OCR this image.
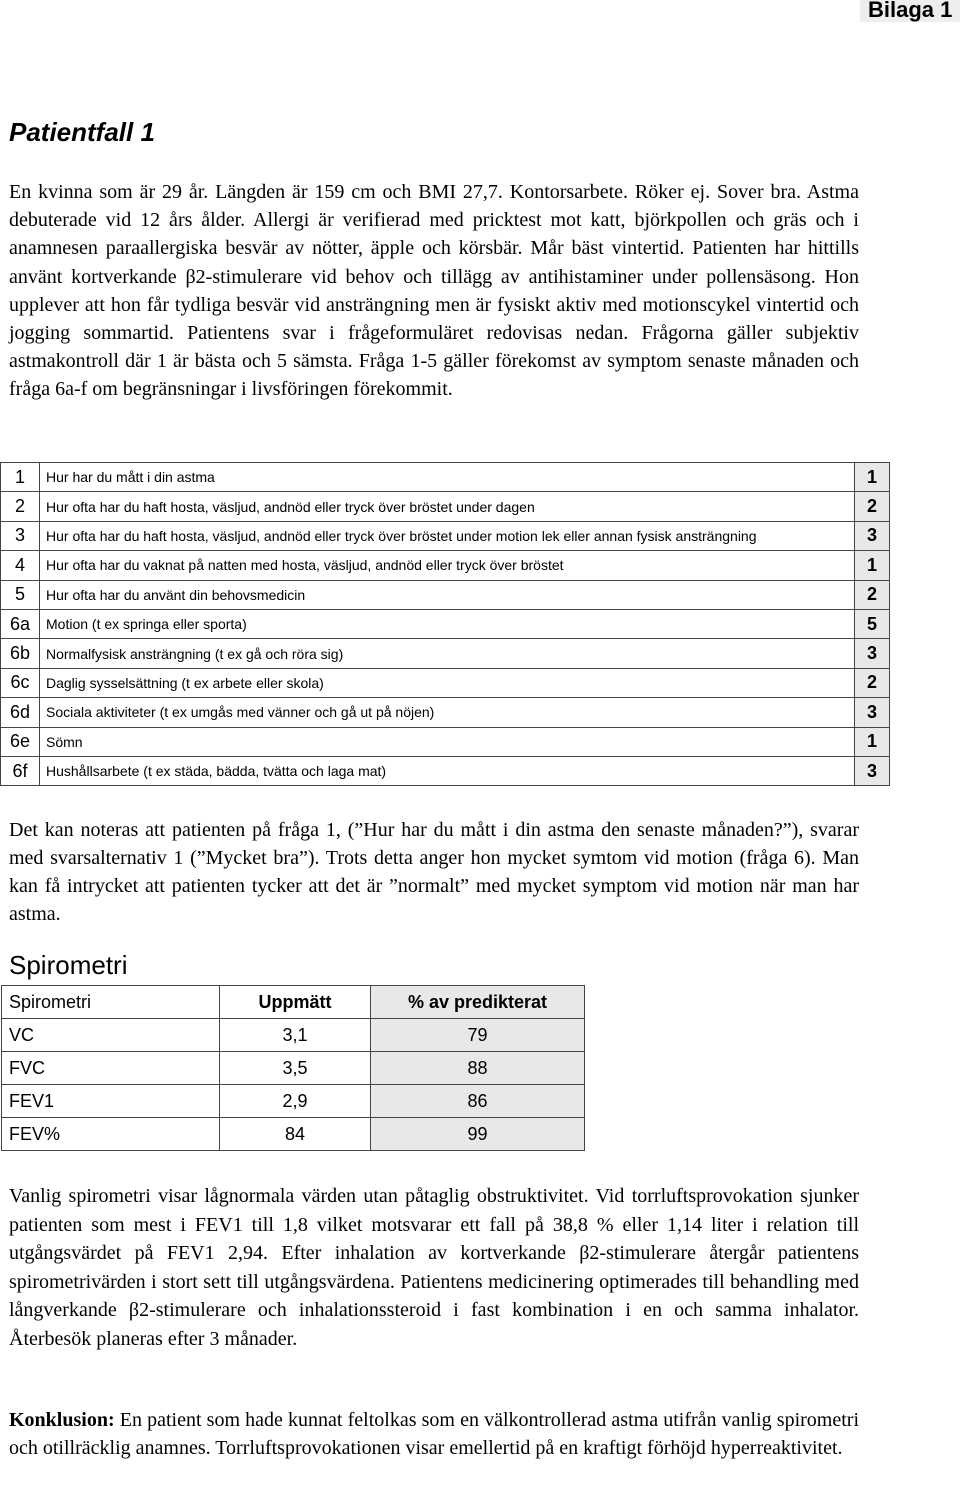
Bilaga 1
Patientfall 1

En kvinna som är 29 år. Längden är 159 cm och BMI 27,7. Kontorsarbete. Röker ej. Sover bra. Astma debuterade vid 12 års ålder. Allergi är verifierad med pricktest mot katt, björkpollen och gräs och i anamnesen paraallergiska besvär av nötter, äpple och körsbär. Mår bäst vintertid. Patienten har hittills använt kortverkande β2-stimulerare vid behov och tillägg av antihistaminer under pollensäsong. Hon upplever att hon får tydliga besvär vid ansträngning men är fysiskt aktiv med motionscykel vintertid och jogging sommartid. Patientens svar i frågeformuläret redovisas nedan. Frågorna gäller subjektiv astmakontroll där 1 är bästa och 5 sämsta. Fråga 1-5 gäller förekomst av symptom senaste månaden och fråga 6a-f om begränsningar i livsföringen förekommit.

1	Hur har du mått i din astma	1
2	Hur ofta har du haft hosta, väsljud, andnöd eller tryck över bröstet under dagen	2
3	Hur ofta har du haft hosta, väsljud, andnöd eller tryck över bröstet under motion lek eller annan fysisk ansträngning	3
4	Hur ofta har du vaknat på natten med hosta, väsljud, andnöd eller tryck över bröstet	1
5	Hur ofta har du använt din behovsmedicin	2
6a	Motion (t ex springa eller sporta)	5
6b	Normalfysisk ansträngning (t ex gå och röra sig)	3
6c	Daglig sysselsättning (t ex arbete eller skola)	2
6d	Sociala aktiviteter (t ex umgås med vänner och gå ut på nöjen)	3
6e	Sömn	1
6f	Hushållsarbete (t ex städa, bädda, tvätta och laga mat)	3

Det kan noteras att patienten på fråga 1, (”Hur har du mått i din astma den senaste månaden?”), svarar med svarsalternativ 1 (”Mycket bra”). Trots detta anger hon mycket symtom vid motion (fråga 6). Man kan få intrycket att patienten tycker att det är ”normalt” med mycket symptom vid motion när man har astma.

Spirometri
Spirometri	Uppmätt	% av predikterat
VC	3,1	79
FVC	3,5	88
FEV1	2,9	86
FEV%	84	99

Vanlig spirometri visar lågnormala värden utan påtaglig obstruktivitet. Vid torrluftsprovokation sjunker patienten som mest i FEV1 till 1,8 vilket motsvarar ett fall på 38,8 % eller 1,14 liter i relation till utgångsvärdet på FEV1 2,94. Efter inhalation av kortverkande β2-stimulerare återgår patientens spirometrivärden i stort sett till utgångsvärdena. Patientens medicinering optimerades till behandling med långverkande β2-stimulerare och inhalationssteroid i fast kombination i en och samma inhalator. Återbesök planeras efter 3 månader.

Konklusion: En patient som hade kunnat feltolkas som en välkontrollerad astma utifrån vanlig spirometri och otillräcklig anamnes. Torrluftsprovokationen visar emellertid på en kraftigt förhöjd hyperreaktivitet.
